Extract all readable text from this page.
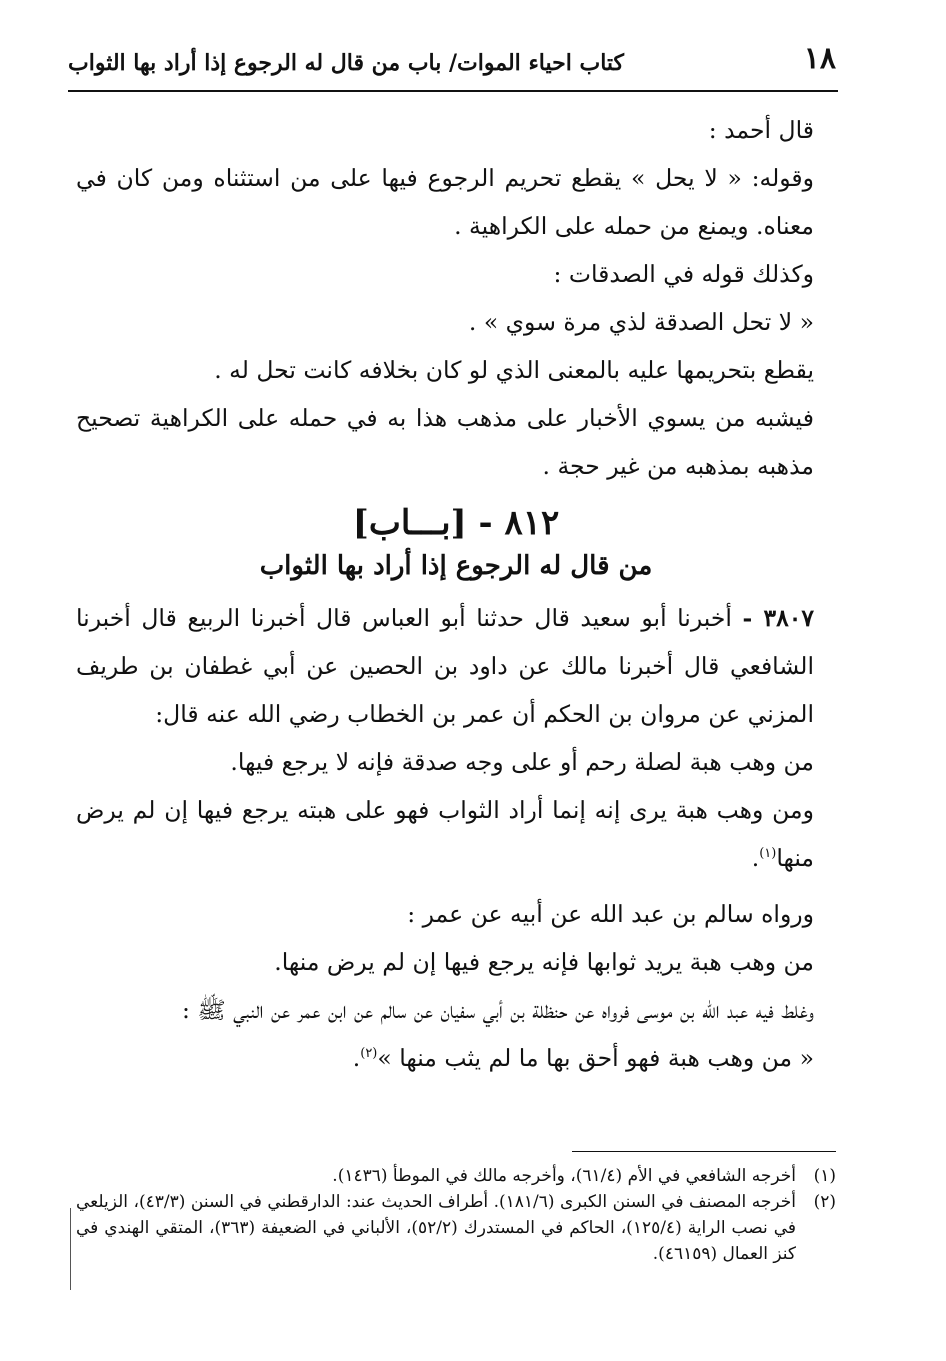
١٨
كتاب احياء الموات/ باب من قال له الرجوع إذا أراد بها الثواب

قال أحمد :

وقوله: « لا يحل » يقطع تحريم الرجوع فيها على من استثناه ومن كان في معناه. ويمنع من حمله على الكراهية .

وكذلك قوله في الصدقات :

« لا تحل الصدقة لذي مرة سوي » .

يقطع بتحريمها عليه بالمعنى الذي لو كان بخلافه كانت تحل له .

فيشبه من يسوي الأخبار على مذهب هذا به في حمله على الكراهية تصحيح مذهبه بمذهبه من غير حجة .

٨١٢ - [بـــاب]
من قال له الرجوع إذا أراد بها الثواب

٣٨٠٧ - أخبرنا أبو سعيد قال حدثنا أبو العباس قال أخبرنا الربيع قال أخبرنا الشافعي قال أخبرنا مالك عن داود بن الحصين عن أبي غطفان بن طريف المزني عن مروان بن الحكم أن عمر بن الخطاب رضي الله عنه قال:

من وهب هبة لصلة رحم أو على وجه صدقة فإنه لا يرجع فيها.

ومن وهب هبة يرى إنه إنما أراد الثواب فهو على هبته يرجع فيها إن لم يرض منها$^{(١)}$.

ورواه سالم بن عبد الله عن أبيه عن عمر :

من وهب هبة يريد ثوابها فإنه يرجع فيها إن لم يرض منها.

وغلط فيه عبد الله بن موسى فرواه عن حنظلة بن أبي سفيان عن سالم عن ابن عمر عن النبي ﷺ :

« من وهب هبة فهو أحق بها ما لم يثب منها »$^{(٢)}$.

(١)
أخرجه الشافعي في الأم (٦١/٤)، وأخرجه مالك في الموطأ (١٤٣٦).
(٢)
أخرجه المصنف في السنن الكبرى (١٨١/٦). أطراف الحديث عند: الدارقطني في السنن (٤٣/٣)، الزيلعي في نصب الراية (١٢٥/٤)، الحاكم في المستدرك (٥٢/٢)، الألباني في الضعيفة (٣٦٣)، المتقي الهندي في كنز العمال (٤٦١٥٩).
